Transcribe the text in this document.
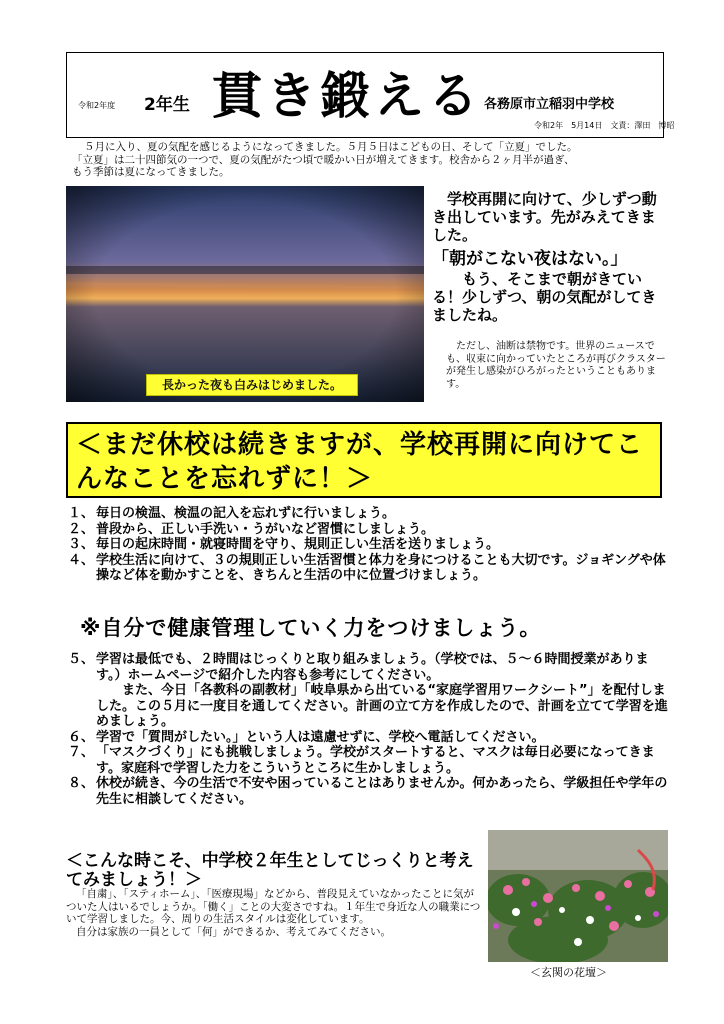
令和2年度 2年生 貫き鍛える 各務原市立稲羽中学校
令和2年　5月14日　文責：澤田　博昭
５月に入り、夏の気配を感じるようになってきました。５月５日はこどもの日、そして「立夏」でした。
「立夏」は二十四節気の一つで、夏の気配がたつ頃で暖かい日が増えてきます。校舎から２ヶ月半が過ぎ、
もう季節は夏になってきました。
長かった夜も白みはじめました。
学校再開に向けて、少しずつ動き出しています。先がみえてきました。
「朝がこない夜はない。」
もう、そこまで朝がきている！少しずつ、朝の気配がしてきましたね。
ただし、油断は禁物です。世界のニュースでも、収束に向かっていたところが再びクラスターが発生し感染がひろがったということもあります。
＜まだ休校は続きますが、学校再開に向けてこんなことを忘れずに！＞
１、 毎日の検温、検温の記入を忘れずに行いましょう。
２、 普段から、正しい手洗い・うがいなど習慣にしましょう。
３、 毎日の起床時間・就寝時間を守り、規則正しい生活を送りましょう。
４、 学校生活に向けて、３の規則正しい生活習慣と体力を身につけることも大切です。ジョギングや体操など体を動かすことを、きちんと生活の中に位置づけましょう。
※自分で健康管理していく力をつけましょう。
５、 学習は最低でも、２時間はじっくりと取り組みましょう。（学校では、５～６時間授業があります。）ホームページで紹介した内容も参考にしてください。
また、今日「各教科の副教材」「岐阜県から出ている“家庭学習用ワークシート”」を配付しました。この５月に一度目を通してください。計画の立て方を作成したので、計画を立てて学習を進めましょう。
６、 学習で「質問がしたい。」という人は遠慮せずに、学校へ電話してください。
７、 「マスクづくり」にも挑戦しましょう。学校がスタートすると、マスクは毎日必要になってきます。家庭科で学習した力をこういうところに生かしましょう。
８、 休校が続き、今の生活で不安や困っていることはありませんか。何かあったら、学級担任や学年の先生に相談してください。
＜こんな時こそ、中学校２年生としてじっくりと考えてみましょう！＞
「自粛」、「スティホーム」、「医療現場」などから、普段見えていなかったことに気がついた人はいるでしょうか。「働く」ことの大変さですね。１年生で身近な人の職業について学習しました。今、周りの生活スタイルは変化しています。
自分は家族の一員として「何」ができるか、考えてみてください。
＜玄関の花壇＞
